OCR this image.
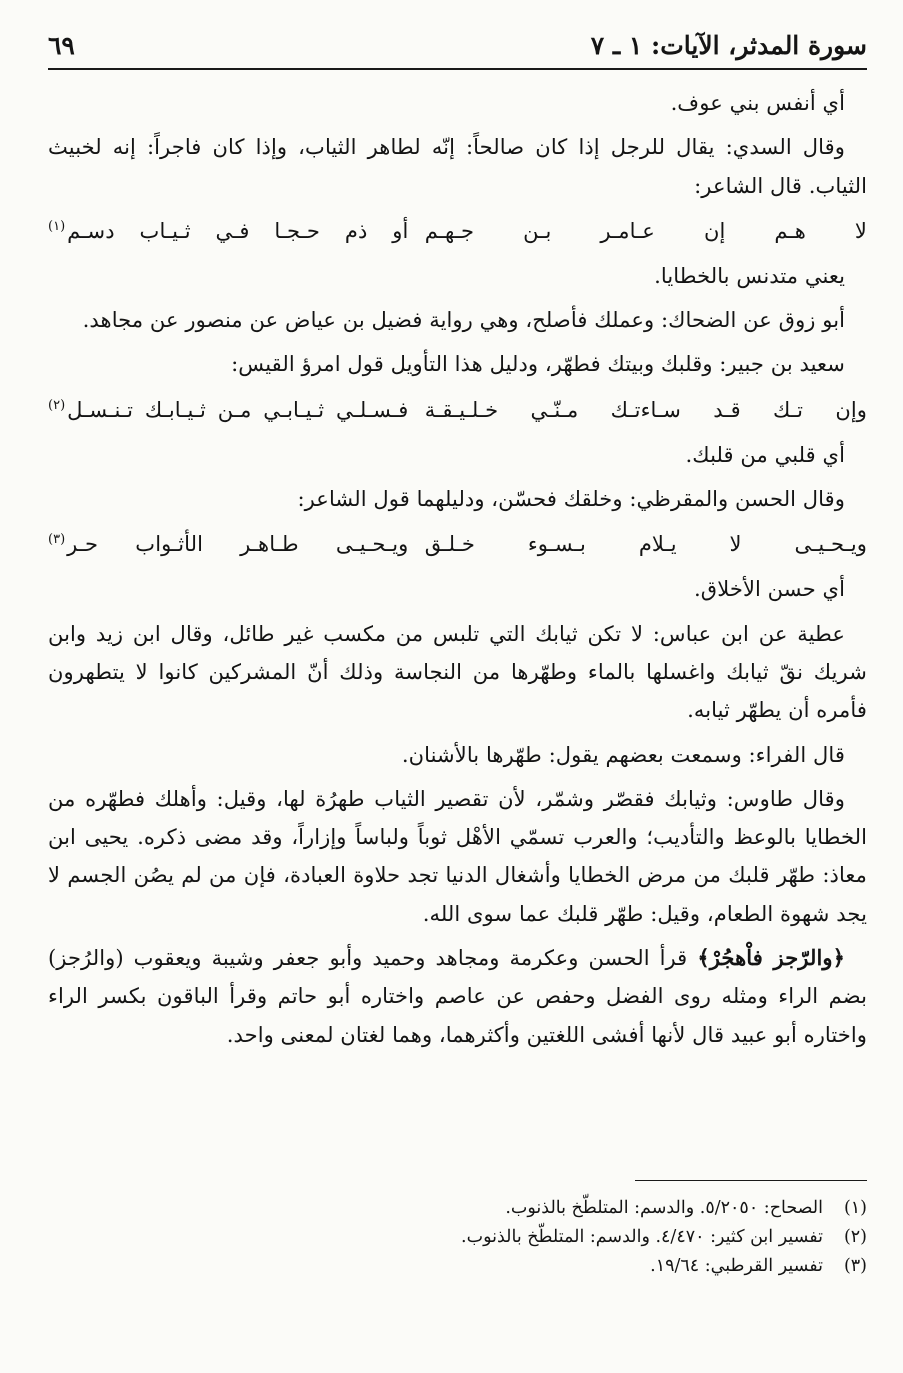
سورة المدثر، الآيات: ١ ـ ٧
٦٩

أي أنفس بني عوف.

وقال السدي: يقال للرجل إذا كان صالحاً: إنّه لطاهر الثياب، وإذا كان فاجراً: إنه لخبيث الثياب. قال الشاعر:

لا هـم إن عـامـر بـن جـهـم
أو ذم حـجـا فـي ثـيـاب دسـم$^{(١)}$

يعني متدنس بالخطايا.

أبو زوق عن الضحاك: وعملك فأصلح، وهي رواية فضيل بن عياض عن منصور عن مجاهد.

سعيد بن جبير: وقلبك وبيتك فطهّر، ودليل هذا التأويل قول امرؤ القيس:

وإن تـك قـد سـاءتـك مـنّـي خـلـيـقـة
فـسـلـي ثـيـابـي مـن ثـيـابـك تـنـسـل$^{(٢)}$

أي قلبي من قلبك.

وقال الحسن والمقرظي: وخلقك فحسّن، ودليلهما قول الشاعر:

ويـحـيـى لا يـلام بـسـوء خـلـق
ويـحـيـى طـاهـر الأثـواب حـر$^{(٣)}$

أي حسن الأخلاق.

عطية عن ابن عباس: لا تكن ثيابك التي تلبس من مكسب غير طائل، وقال ابن زيد وابن شريك نقّ ثيابك واغسلها بالماء وطهّرها من النجاسة وذلك أنّ المشركين كانوا لا يتطهرون فأمره أن يطهّر ثيابه.

قال الفراء: وسمعت بعضهم يقول: طهّرها بالأشنان.

وقال طاوس: وثيابك فقصّر وشمّر، لأن تقصير الثياب طهرُة لها، وقيل: وأهلك فطهّره من الخطايا بالوعظ والتأديب؛ والعرب تسمّي الأهْل ثوباً ولباساً وإزاراً، وقد مضى ذكره. يحيى ابن معاذ: طهّر قلبك من مرض الخطايا وأشغال الدنيا تجد حلاوة العبادة، فإن من لم يصُن الجسم لا يجد شهوة الطعام، وقيل: طهّر قلبك عما سوى الله.

﴿والرّجز فاْهجُرْ﴾ قرأ الحسن وعكرمة ومجاهد وحميد وأبو جعفر وشيبة ويعقوب (والرُجز) بضم الراء ومثله روى الفضل وحفص عن عاصم واختاره أبو حاتم وقرأ الباقون بكسر الراء واختاره أبو عبيد قال لأنها أفشى اللغتين وأكثرهما، وهما لغتان لمعنى واحد.

(١)
الصحاح: ٥/٢٠٥٠. والدسم: المتلطّخ بالذنوب.
(٢)
تفسير ابن كثير: ٤/٤٧٠. والدسم: المتلطّخ بالذنوب.
(٣)
تفسير القرطبي: ١٩/٦٤.
